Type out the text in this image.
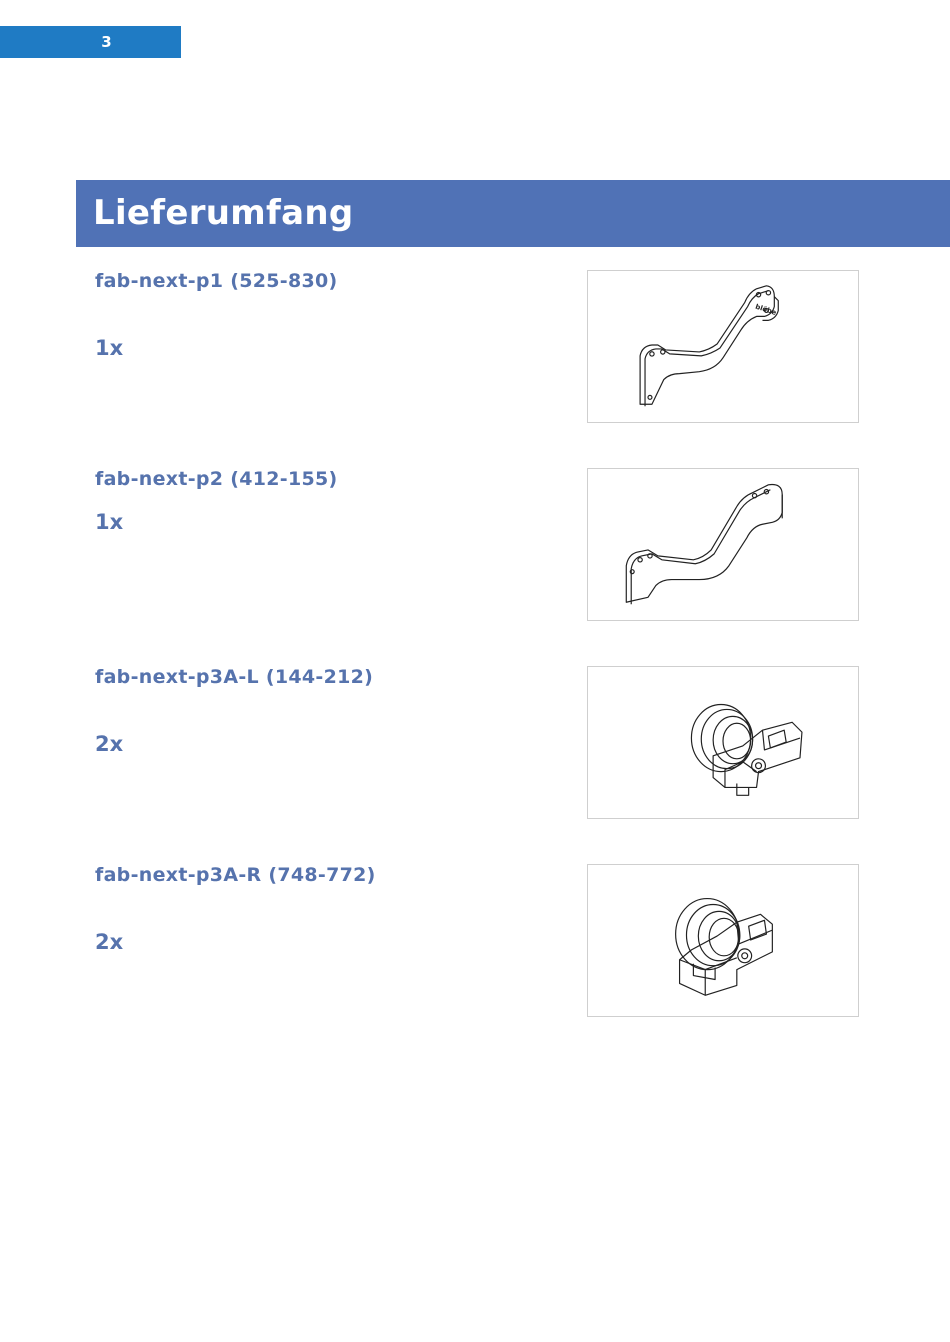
3
Lieferumfang
fab-next-p1 (525-830)
1x
blöbe
fab-next-p2 (412-155)
1x
fab-next-p3A-L (144-212)
2x
fab-next-p3A-R (748-772)
2x
